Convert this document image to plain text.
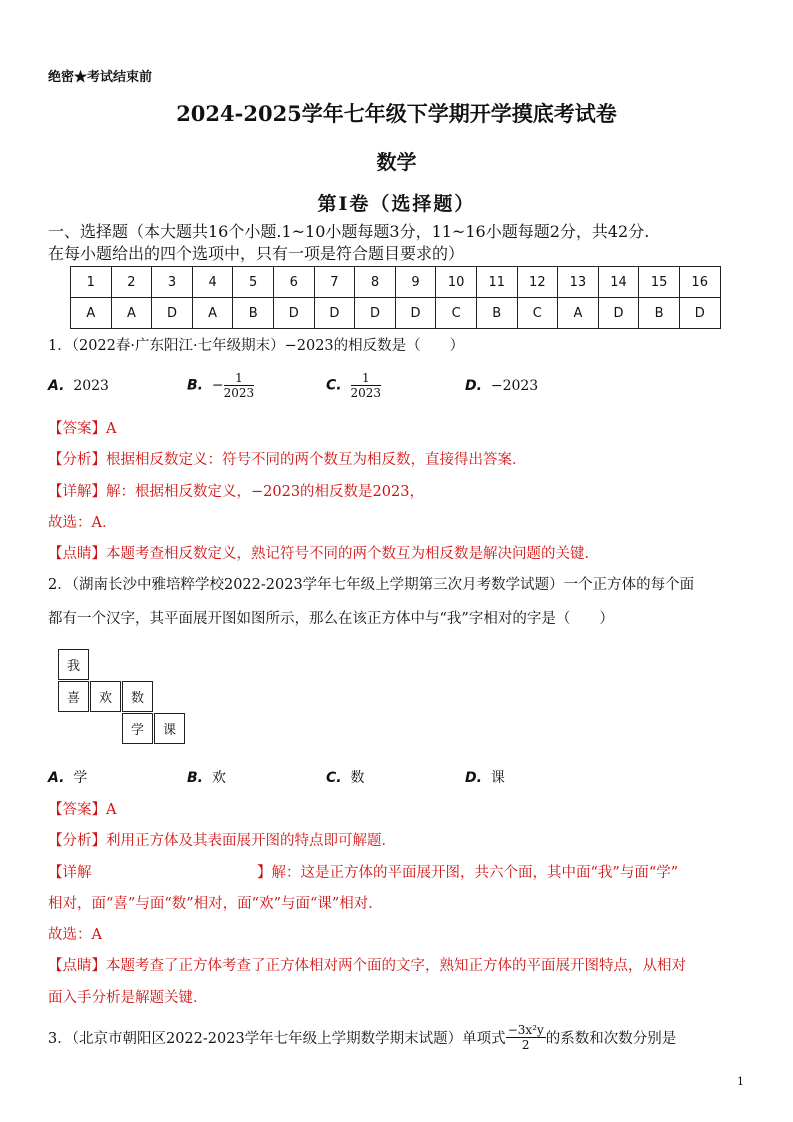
绝密★考试结束前
2024-2025学年七年级下学期开学摸底考试卷
数学
第Ⅰ卷（选择题）
一、选择题（本大题共16个小题.1~10小题每题3分，11~16小题每题2分，共42分.
在每小题给出的四个选项中，只有一项是符合题目要求的）
1	2	3	4	5	6	7	8	9	10	11	12	13	14	15	16
A	A	D	A	B	D	D	D	D	C	B	C	A	D	B	D
1．（2022春·广东阳江·七年级期末）−2023的相反数是（　　）
A. 2023	B. − $\frac{1}{2023}$	C. $\frac{1}{2023}$	D. −2023
【答案】A
【分析】根据相反数定义：符号不同的两个数互为相反数，直接得出答案．
【详解】解：根据相反数定义，−2023的相反数是2023，
故选：A．
【点睛】本题考查相反数定义，熟记符号不同的两个数互为相反数是解决问题的关键．
2．（湖南长沙中雅培粹学校2022-2023学年七年级上学期第三次月考数学试题）一个正方体的每个面
都有一个汉字，其平面展开图如图所示，那么在该正方体中与“我”字相对的字是（　　）
我
喜	欢	数
学	课
A. 学	B. 欢	C. 数	D. 课
【答案】A
【分析】利用正方体及其表面展开图的特点即可解题．
【详解	】解：这是正方体的平面展开图，共六个面，其中面“我”与面“学”
相对，面“喜”与面“数”相对，面“欢”与面“课”相对．
故选：A
【点睛】本题考查了正方体考查了正方体相对两个面的文字，熟知正方体的平面展开图特点，从相对
面入手分析是解题关键．
3．（北京市朝阳区2022-2023学年七年级上学期数学期末试题）单项式 $\frac{\text{−3x²y}}{2}$ 的系数和次数分别是
1
